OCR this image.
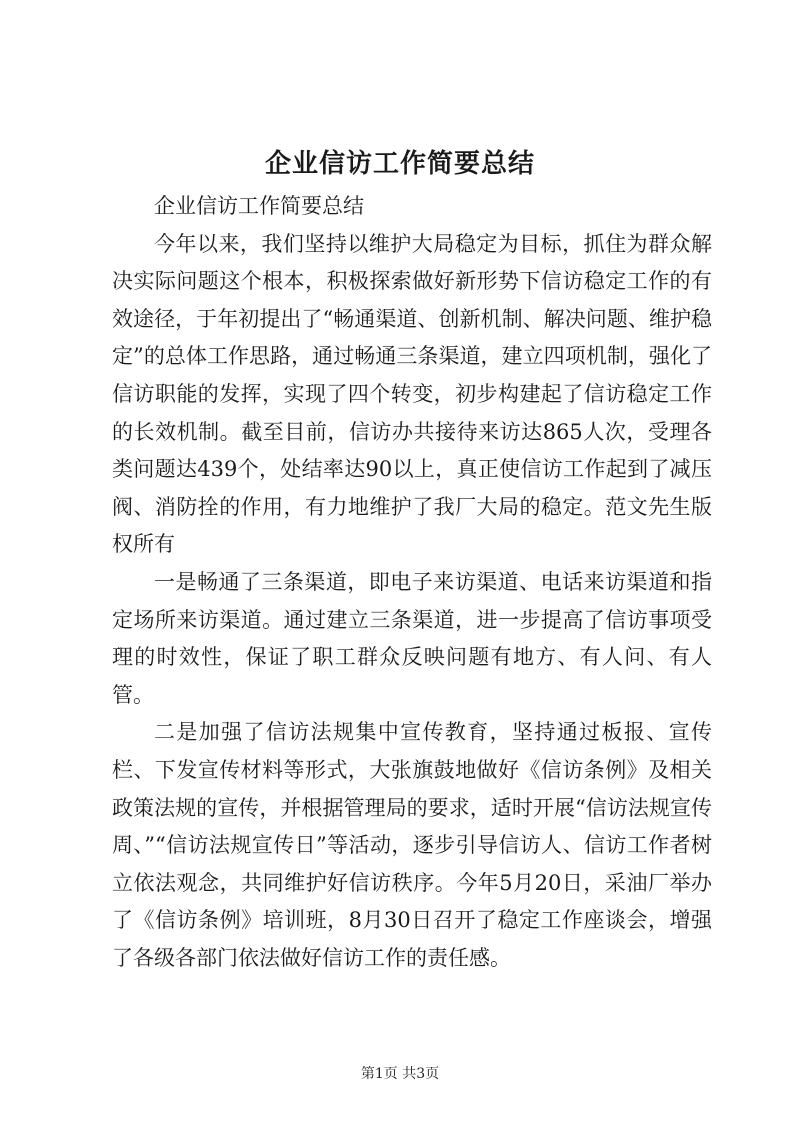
企业信访工作简要总结

企业信访工作简要总结

今年以来，我们坚持以维护大局稳定为目标，抓住为群众解决实际问题这个根本，积极探索做好新形势下信访稳定工作的有效途径，于年初提出了“畅通渠道、创新机制、解决问题、维护稳定”的总体工作思路，通过畅通三条渠道，建立四项机制，强化了信访职能的发挥，实现了四个转变，初步构建起了信访稳定工作的长效机制。截至目前，信访办共接待来访达865人次，受理各类问题达439个，处结率达90以上，真正使信访工作起到了减压阀、消防拴的作用，有力地维护了我厂大局的稳定。范文先生版权所有

一是畅通了三条渠道，即电子来访渠道、电话来访渠道和指定场所来访渠道。通过建立三条渠道，进一步提高了信访事项受理的时效性，保证了职工群众反映问题有地方、有人问、有人管。

二是加强了信访法规集中宣传教育，坚持通过板报、宣传栏、下发宣传材料等形式，大张旗鼓地做好《信访条例》及相关政策法规的宣传，并根据管理局的要求，适时开展“信访法规宣传周、”“信访法规宣传日”等活动，逐步引导信访人、信访工作者树立依法观念，共同维护好信访秩序。今年5月20日，采油厂举办了《信访条例》培训班，8月30日召开了稳定工作座谈会，增强了各级各部门依法做好信访工作的责任感。

第1页 共3页
